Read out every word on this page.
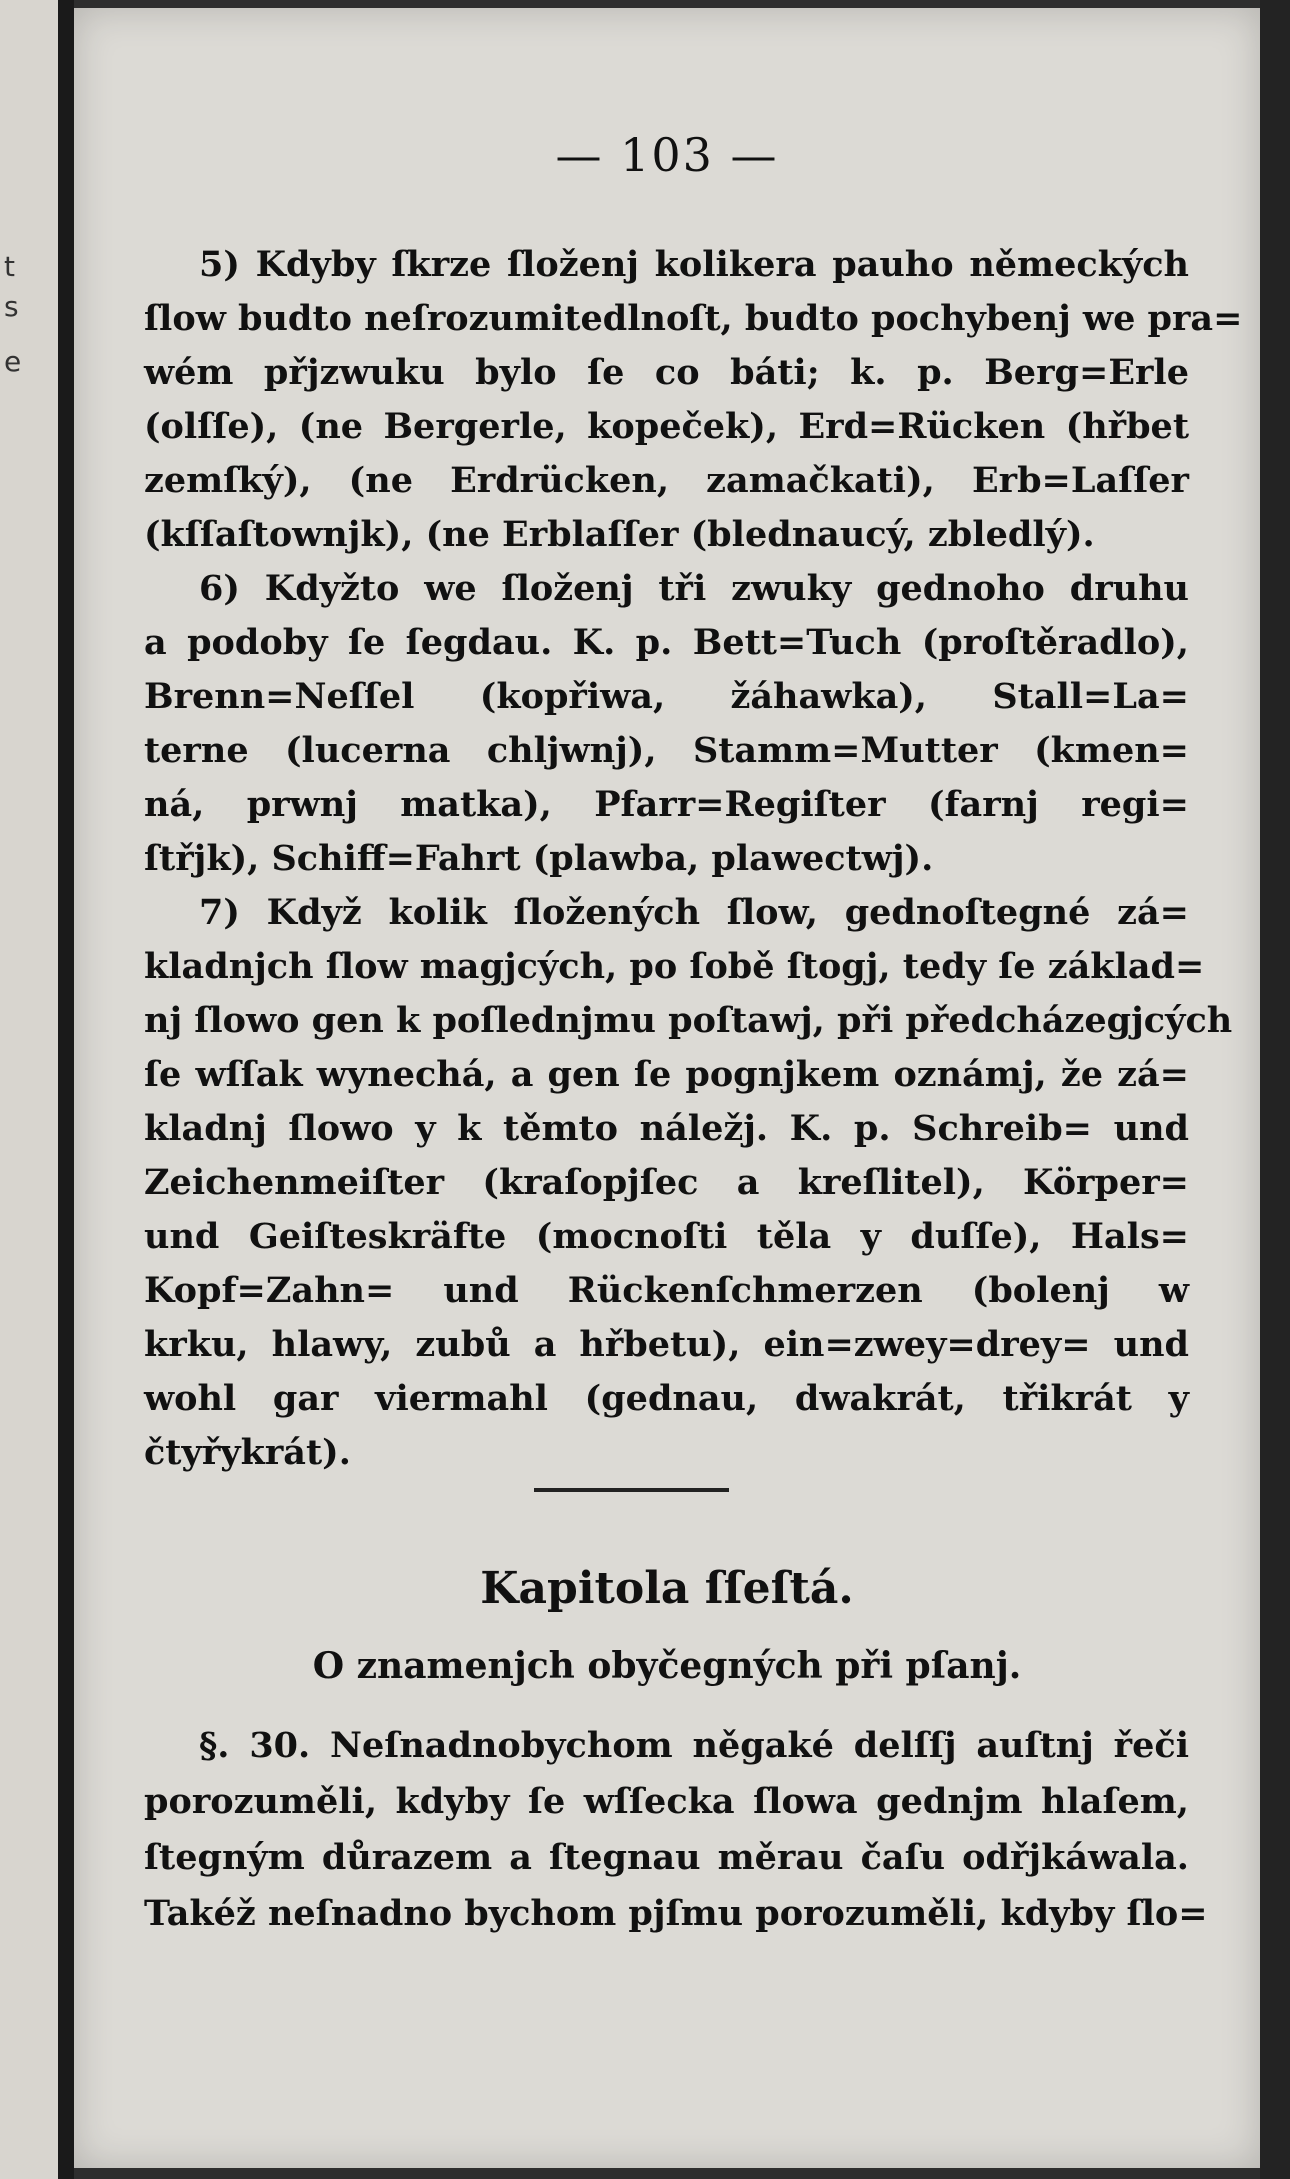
t
s
e
— 103 —
5) Kdyby ſkrze ſloženj kolikera pauho německých
ſlow budto neſrozumitedlnoſt, budto pochybenj we pra=
wém přjzwuku bylo ſe co báti; k. p. Berg=Erle
(olſſe), (ne Bergerle, kopeček), Erd=Rücken (hřbet
zemſký), (ne Erdrücken, zamačkati), Erb=Laſſer
(kſſaſtownjk), (ne Erblaſſer (blednaucý, zbledlý).
6) Kdyžto we ſloženj tři zwuky gednoho druhu
a podoby ſe ſegdau. K. p. Bett=Tuch (proſtěradlo),
Brenn=Neſſel (kopřiwa, žáhawka), Stall=La=
terne (lucerna chljwnj), Stamm=Mutter (kmen=
ná, prwnj matka), Pfarr=Regiſter (farnj regi=
ſtřjk), Schiff=Fahrt (plawba, plawectwj).
7) Když kolik ſložených ſlow, gednoſtegné zá=
kladnjch ſlow magjcých, po ſobě ſtogj, tedy ſe základ=
nj ſlowo gen k poſlednjmu poſtawj, při předcházegjcých
ſe wſſak wynechá, a gen ſe pognjkem oznámj, že zá=
kladnj ſlowo y k těmto náležj. K. p. Schreib= und
Zeichenmeiſter (kraſopjſec a kreſlitel), Körper=
und Geiſteskräfte (mocnoſti těla y duſſe), Hals=
Kopf=Zahn= und Rückenſchmerzen (bolenj w
krku, hlawy, zubů a hřbetu), ein=zwey=drey= und
wohl gar viermahl (gednau, dwakrát, třikrát y
čtyřykrát).
Kapitola ſſeſtá.
O znamenjch obyčegných při pſanj.
§. 30. Neſnadnobychom něgaké delſſj auſtnj řeči
porozuměli, kdyby ſe wſſecka ſlowa gednjm hlaſem,
ſtegným důrazem a ſtegnau měrau čaſu odřjkáwala.
Takéž neſnadno bychom pjſmu porozuměli, kdyby ſlo=
